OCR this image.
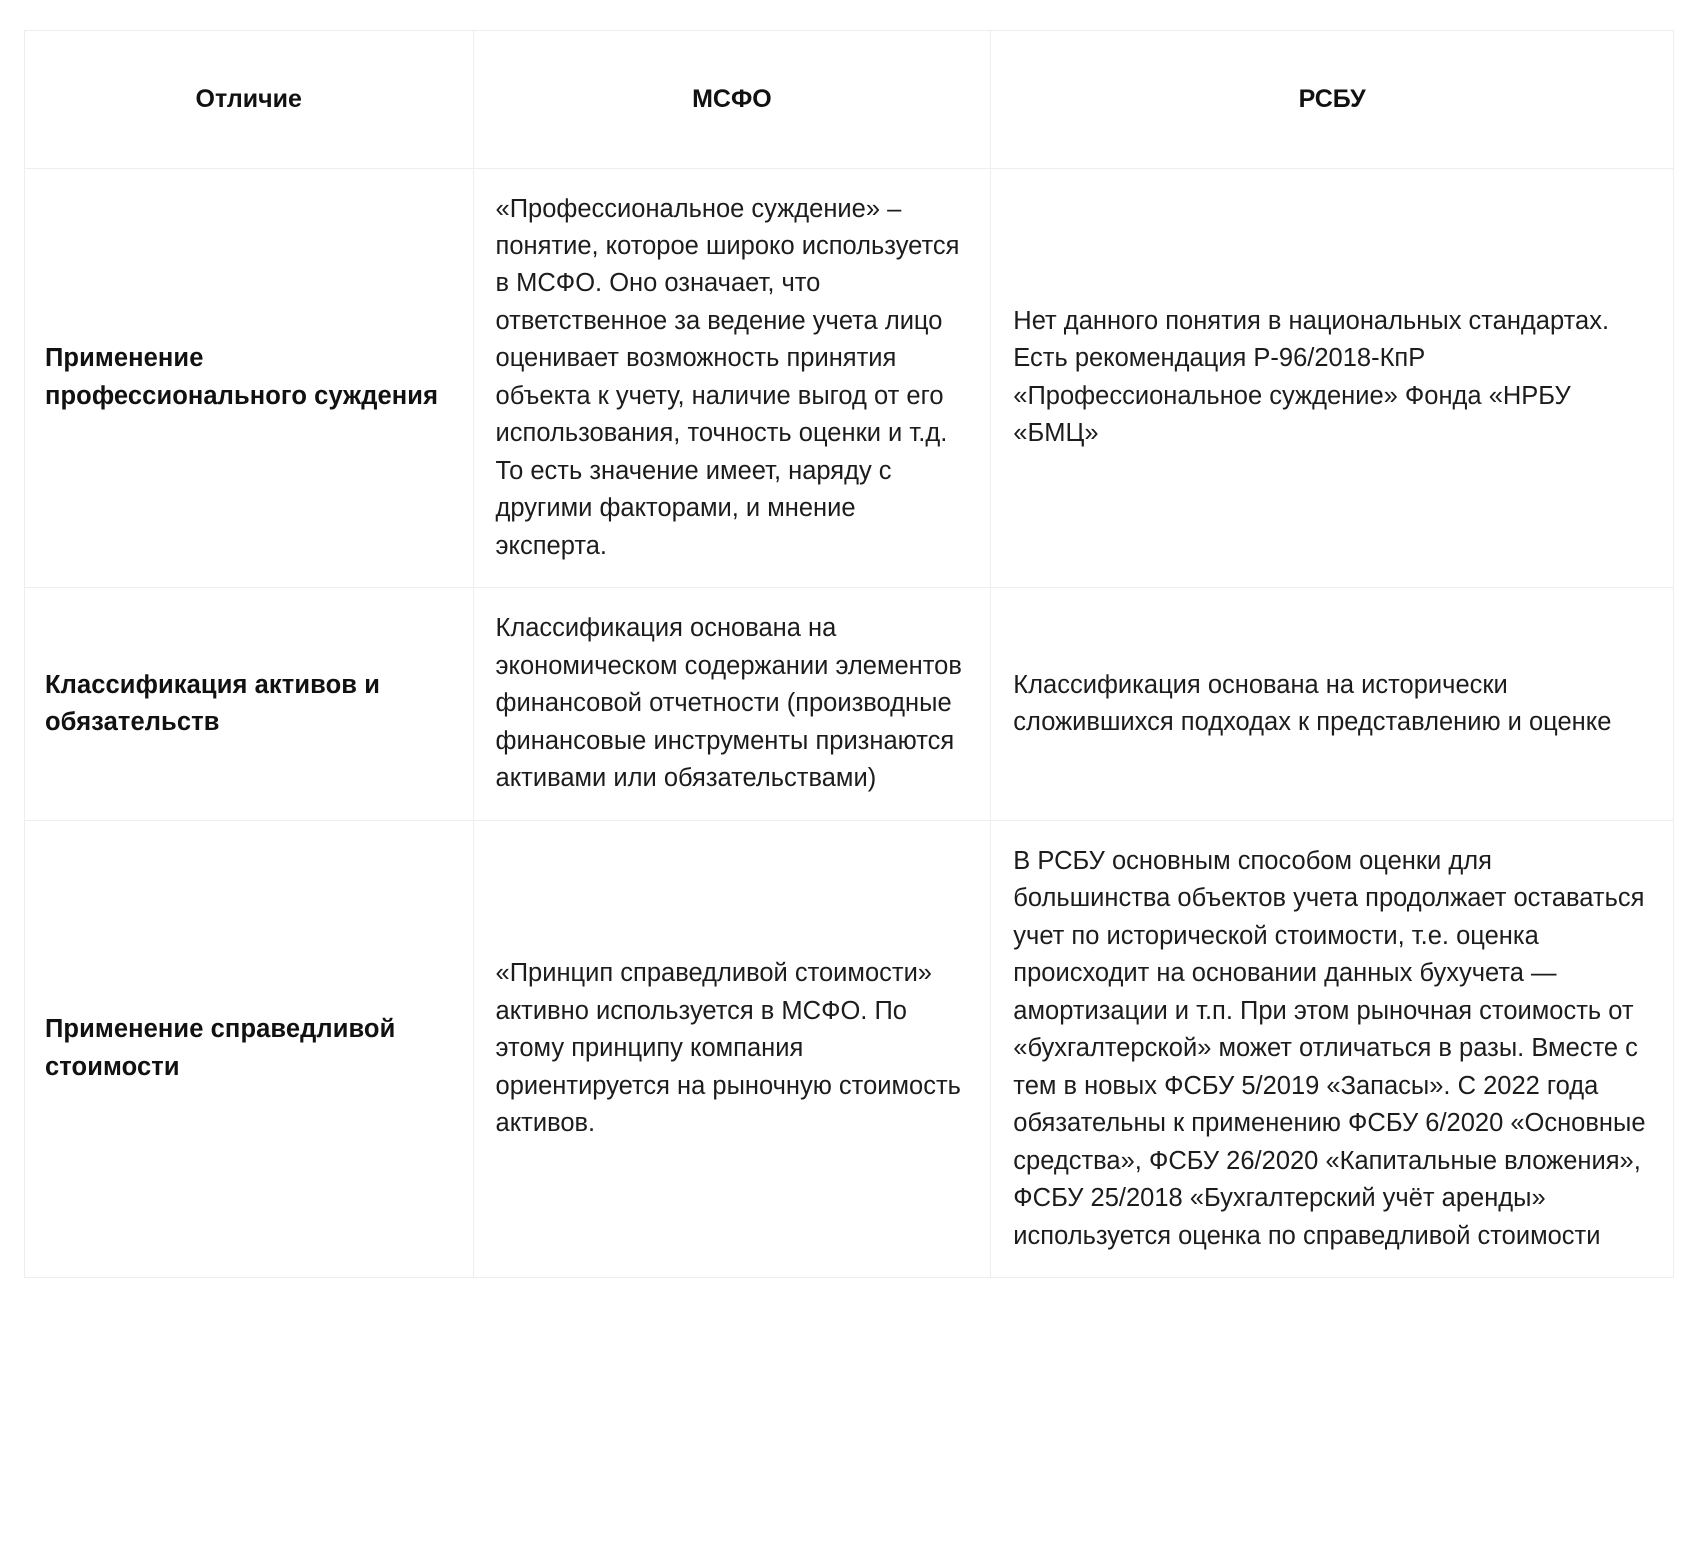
Отличие	МСФО	РСБУ

Применение профессионального суждения	«Профессиональное суждение» – понятие, которое широко используется в МСФО. Оно означает, что ответственное за ведение учета лицо оценивает возможность принятия объекта к учету, наличие выгод от его использования, точность оценки и т.д. То есть значение имеет, наряду с другими факторами, и мнение эксперта.	Нет данного понятия в национальных стандартах. Есть рекомендация Р-96/2018-КпР «Профессиональное суждение» Фонда «НРБУ «БМЦ»

Классификация активов и обязательств	Классификация основана на экономическом содержании элементов финансовой отчетности (производные финансовые инструменты признаются активами или обязательствами)	Классификация основана на исторически сложившихся подходах к представлению и оценке

Применение справедливой стоимости	«Принцип справедливой стоимости» активно используется в МСФО. По этому принципу компания ориентируется на рыночную стоимость активов.	В РСБУ основным способом оценки для большинства объектов учета продолжает оставаться учет по исторической стоимости, т.е. оценка происходит на основании данных бухучета — амортизации и т.п. При этом рыночная стоимость от «бухгалтерской» может отличаться в разы. Вместе с тем в новых ФСБУ 5/2019 «Запасы». С 2022 года обязательны к применению ФСБУ 6/2020 «Основные средства», ФСБУ 26/2020 «Капитальные вложения», ФСБУ 25/2018 «Бухгалтерский учёт аренды» используется оценка по справедливой стоимости
